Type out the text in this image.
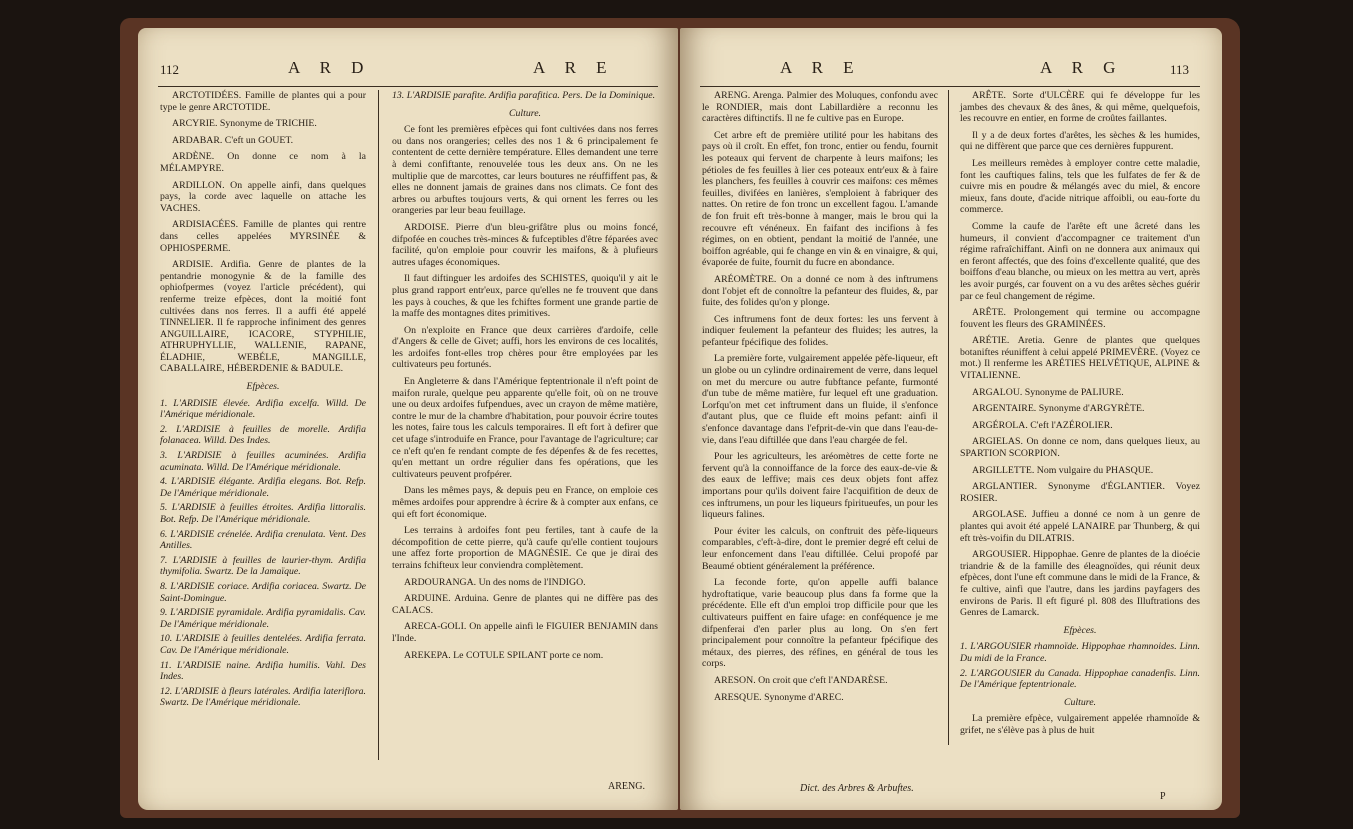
112	A R D	A R E

ARCTOTIDÉES. Famille de plantes qui a pour type le genre ARCTOTIDE.

ARCYRIE. Synonyme de TRICHIE.

ARDABAR. C'eft un GOUET.

ARDÈNE. On donne ce nom à la MÉLAMPYRE.

ARDILLON. On appelle ainfi, dans quelques pays, la corde avec laquelle on attache les VACHES.

ARDISIACÉES. Famille de plantes qui rentre dans celles appelées MYRSINÉE & OPHIOSPERME.

ARDISIE. Ardifia. Genre de plantes de la pentandrie monogynie & de la famille des ophiofpermes (voyez l'article précédent), qui renferme treize efpèces, dont la moitié font cultivées dans nos ferres. Il a auffi été appelé TINNELIER. Il fe rapproche infiniment des genres ANGUILLAIRE, ICACORE, STYPHILIE, ATHRUPHYLLIE, WALLENIE, RAPANE, ÉLADHIE, WEBÉLE, MANGILLE, CABALLAIRE, HÉBERDENIE & BADULE.

Efpèces.

1. L'ARDISIE élevée. Ardifia excelfa. Willd. De l'Amérique méridionale.

2. L'ARDISIE à feuilles de morelle. Ardifia folanacea. Willd. Des Indes.

3. L'ARDISIE à feuilles acuminées. Ardifia acuminata. Willd. De l'Amérique méridionale.

4. L'ARDISIE élégante. Ardifia elegans. Bot. Refp. De l'Amérique méridionale.

5. L'ARDISIE à feuilles étroites. Ardifia littoralis. Bot. Refp. De l'Amérique méridionale.

6. L'ARDISIE crénelée. Ardifia crenulata. Vent. Des Antilles.

7. L'ARDISIE à feuilles de laurier-thym. Ardifia thymifolia. Swartz. De la Jamaïque.

8. L'ARDISIE coriace. Ardifia coriacea. Swartz. De Saint-Domingue.

9. L'ARDISIE pyramidale. Ardifia pyramidalis. Cav. De l'Amérique méridionale.

10. L'ARDISIE à feuilles dentelées. Ardifia ferrata. Cav. De l'Amérique méridionale.

11. L'ARDISIE naine. Ardifia humilis. Vahl. Des Indes.

12. L'ARDISIE à fleurs latérales. Ardifia lateriflora. Swartz. De l'Amérique méridionale.

13. L'ARDISIE parafite. Ardifia parafitica. Pers. De la Dominique.

Culture.

Ce font les premières efpèces qui font cultivées dans nos ferres ou dans nos orangeries; celles des nos 1 & 6 principalement fe contentent de cette dernière température. Elles demandent une terre à demi confiftante, renouvelée tous les deux ans. On ne les multiplie que de marcottes, car leurs boutures ne réuffiffent pas, & elles ne donnent jamais de graines dans nos climats. Ce font des arbres ou arbuftes toujours verts, & qui ornent les ferres ou les orangeries par leur beau feuillage.

ARDOISE. Pierre d'un bleu-grifâtre plus ou moins foncé, difpofée en couches très-minces & fufceptibles d'être féparées avec facilité, qu'on emploie pour couvrir les maifons, & à plufieurs autres ufages économiques.

Il faut diftinguer les ardoifes des SCHISTES, quoiqu'il y ait le plus grand rapport entr'eux, parce qu'elles ne fe trouvent que dans les pays à couches, & que les fchiftes forment une grande partie de la maffe des montagnes dites primitives.

On n'exploite en France que deux carrières d'ardoife, celle d'Angers & celle de Givet; auffi, hors les environs de ces localités, les ardoifes font-elles trop chères pour être employées par les cultivateurs peu fortunés.

En Angleterre & dans l'Amérique feptentrionale il n'eft point de maifon rurale, quelque peu apparente qu'elle foit, où on ne trouve une ou deux ardoifes fufpendues, avec un crayon de même matière, contre le mur de la chambre d'habitation, pour pouvoir écrire toutes les notes, faire tous les calculs temporaires. Il eft fort à defirer que cet ufage s'introduife en France, pour l'avantage de l'agriculture; car ce n'eft qu'en fe rendant compte de fes dépenfes & de fes recettes, qu'en mettant un ordre régulier dans fes opérations, que les cultivateurs peuvent profpérer.

Dans les mêmes pays, & depuis peu en France, on emploie ces mêmes ardoifes pour apprendre à écrire & à compter aux enfans, ce qui eft fort économique.

Les terrains à ardoifes font peu fertiles, tant à caufe de la décompofition de cette pierre, qu'à caufe qu'elle contient toujours une affez forte proportion de MAGNÉSIE. Ce que je dirai des terrains fchifteux leur conviendra complètement.

ARDOURANGA. Un des noms de l'INDIGO.

ARDUINE. Arduina. Genre de plantes qui ne diffère pas des CALACS.

ARECA-GOLI. On appelle ainfi le FIGUIER BENJAMIN dans l'Inde.

AREKEPA. Le COTULE SPILANT porte ce nom.

ARENG.
A R E	A R G	113

ARENG. Arenga. Palmier des Moluques, confondu avec le RONDIER, mais dont Labillardière a reconnu les caractères diftinctifs. Il ne fe cultive pas en Europe.

Cet arbre eft de première utilité pour les habitans des pays où il croît. En effet, fon tronc, entier ou fendu, fournit les poteaux qui fervent de charpente à leurs maifons; les pétioles de fes feuilles à lier ces poteaux entr'eux & à faire les planchers, fes feuilles à couvrir ces maifons: ces mêmes feuilles, divifées en lanières, s'emploient à fabriquer des nattes. On retire de fon tronc un excellent fagou. L'amande de fon fruit eft très-bonne à manger, mais le brou qui la recouvre eft vénéneux. En faifant des incifions à fes régimes, on en obtient, pendant la moitié de l'année, une boiffon agréable, qui fe change en vin & en vinaigre, & qui, évaporée de fuite, fournit du fucre en abondance.

ARÉOMÈTRE. On a donné ce nom à des inftrumens dont l'objet eft de connoître la pefanteur des fluides, &, par fuite, des folides qu'on y plonge.

Ces inftrumens font de deux fortes: les uns fervent à indiquer feulement la pefanteur des fluides; les autres, la pefanteur fpécifique des folides.

La première forte, vulgairement appelée pèfe-liqueur, eft un globe ou un cylindre ordinairement de verre, dans lequel on met du mercure ou autre fubftance pefante, furmonté d'un tube de même matière, fur lequel eft une graduation. Lorfqu'on met cet inftrument dans un fluide, il s'enfonce d'autant plus, que ce fluide eft moins pefant: ainfi il s'enfonce davantage dans l'efprit-de-vin que dans l'eau-de-vie, dans l'eau diftillée que dans l'eau chargée de fel.

Pour les agriculteurs, les aréomètres de cette forte ne fervent qu'à la connoiffance de la force des eaux-de-vie & des eaux de leffive; mais ces deux objets font affez importans pour qu'ils doivent faire l'acquifition de deux de ces inftrumens, un pour les liqueurs fpiritueufes, un pour les liqueurs falines.

Pour éviter les calculs, on conftruit des pèfe-liqueurs comparables, c'eft-à-dire, dont le premier degré eft celui de leur enfoncement dans l'eau diftillée. Celui propofé par Beaumé obtient généralement la préférence.

La feconde forte, qu'on appelle auffi balance hydroftatique, varie beaucoup plus dans fa forme que la précédente. Elle eft d'un emploi trop difficile pour que les cultivateurs puiffent en faire ufage: en conféquence je me difpenferai d'en parler plus au long. On s'en fert principalement pour connoître la pefanteur fpécifique des métaux, des pierres, des réfines, en général de tous les corps.

ARESON. On croit que c'eft l'ANDARÈSE.

ARESQUE. Synonyme d'AREC.

ARÊTE. Sorte d'ULCÈRE qui fe développe fur les jambes des chevaux & des ânes, & qui même, quelquefois, les recouvre en entier, en forme de croûtes faillantes.

Il y a de deux fortes d'arêtes, les sèches & les humides, qui ne diffèrent que parce que ces dernières fuppurent.

Les meilleurs remèdes à employer contre cette maladie, font les cauftiques falins, tels que les fulfates de fer & de cuivre mis en poudre & mélangés avec du miel, & encore mieux, fans doute, d'acide nitrique affoibli, ou eau-forte du commerce.

Comme la caufe de l'arête eft une âcreté dans les humeurs, il convient d'accompagner ce traitement d'un régime rafraîchiffant. Ainfi on ne donnera aux animaux qui en feront affectés, que des foins d'excellente qualité, que des boiffons d'eau blanche, ou mieux on les mettra au vert, après les avoir purgés, car fouvent on a vu des arêtes sèches guérir par ce feul changement de régime.

ARÊTE. Prolongement qui termine ou accompagne fouvent les fleurs des GRAMINÉES.

ARÉTIE. Aretia. Genre de plantes que quelques botaniftes réuniffent à celui appelé PRIMEVÈRE. (Voyez ce mot.) Il renferme les ARÉTIES HELVÉTIQUE, ALPINE & VITALIENNE.

ARGALOU. Synonyme de PALIURE.

ARGENTAIRE. Synonyme d'ARGYRÈTE.

ARGÉROLA. C'eft l'AZÉROLIER.

ARGIELAS. On donne ce nom, dans quelques lieux, au SPARTION SCORPION.

ARGILLETTE. Nom vulgaire du PHASQUE.

ARGLANTIER. Synonyme d'ÉGLANTIER. Voyez ROSIER.

ARGOLASE. Juffieu a donné ce nom à un genre de plantes qui avoit été appelé LANAIRE par Thunberg, & qui eft très-voifin du DILATRIS.

ARGOUSIER. Hippophae. Genre de plantes de la dioécie triandrie & de la famille des éleagnoïdes, qui réunit deux efpèces, dont l'une eft commune dans le midi de la France, & fe cultive, ainfi que l'autre, dans les jardins payfagers des environs de Paris. Il eft figuré pl. 808 des Illuftrations des Genres de Lamarck.

Efpèces.

1. L'ARGOUSIER rhamnoïde. Hippophae rhamnoides. Linn. Du midi de la France.

2. L'ARGOUSIER du Canada. Hippophae canadenfis. Linn. De l'Amérique feptentrionale.

Culture.

La première efpèce, vulgairement appelée rhamnoïde & grifet, ne s'élève pas à plus de huit

Dict. des Arbres & Arbuftes.
P
